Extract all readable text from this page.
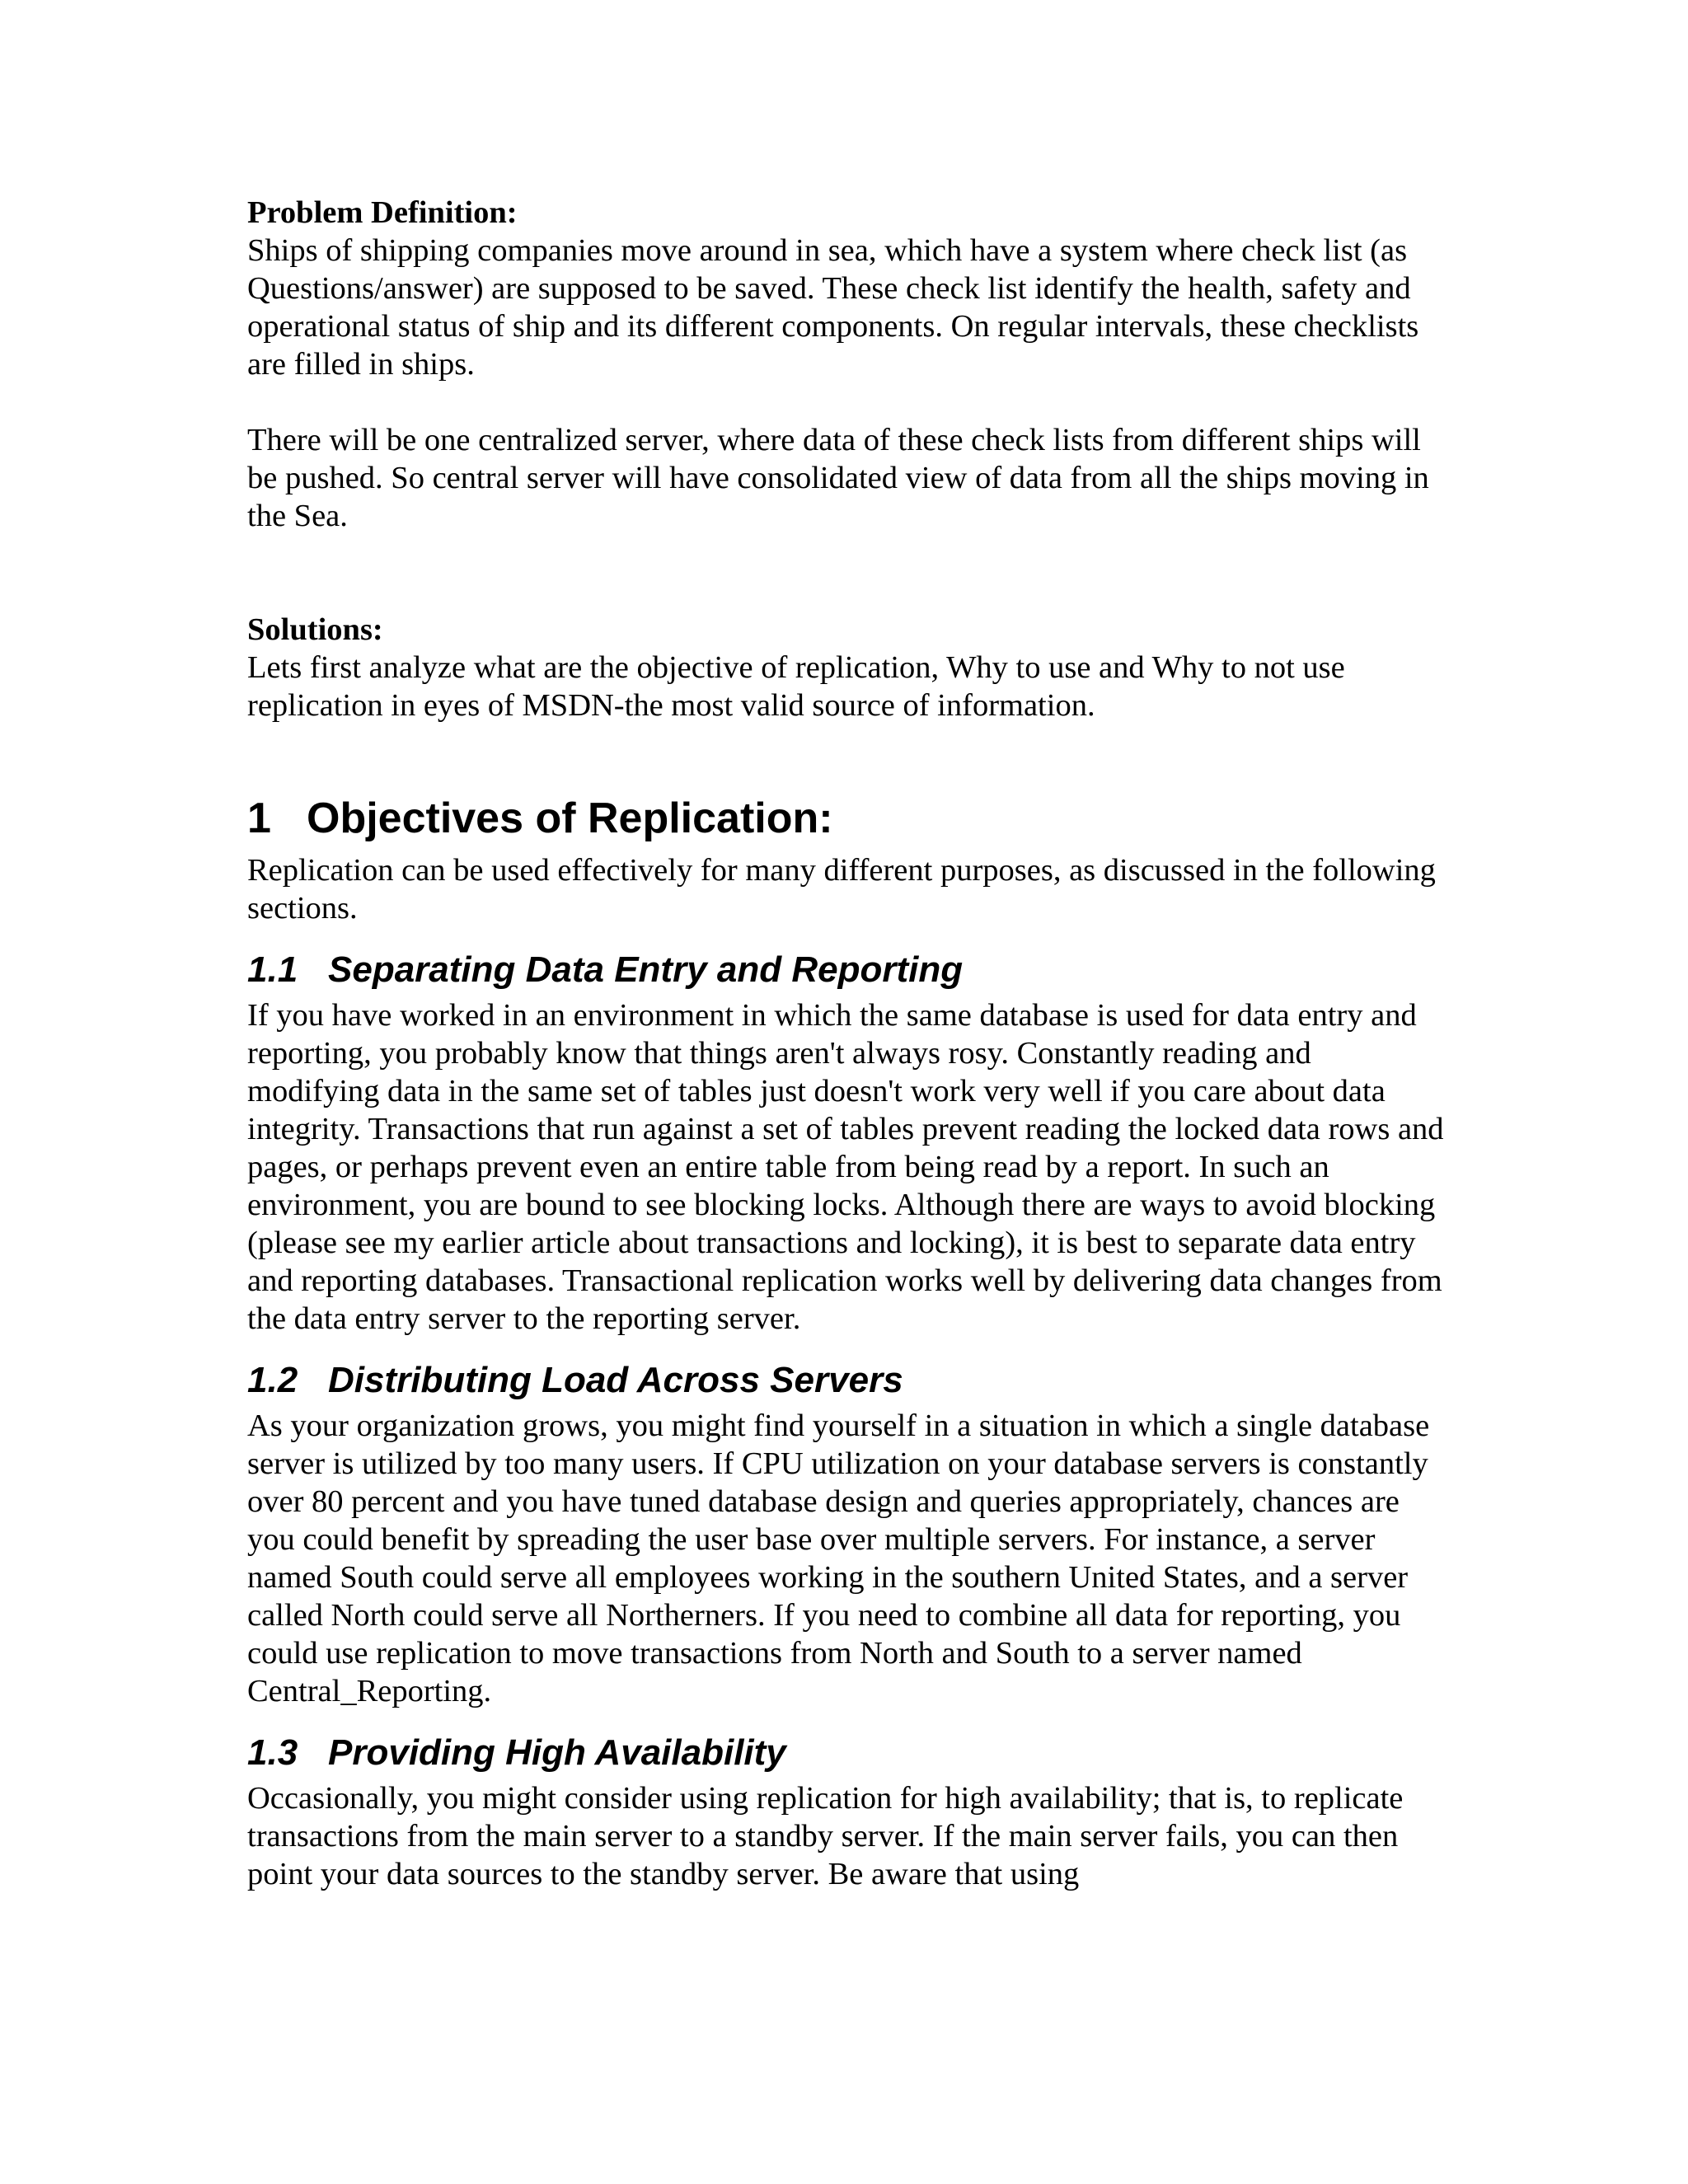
Problem Definition:

Ships of shipping companies move around in sea, which have a system where check list (as Questions/answer) are supposed to be saved. These check list identify the health, safety and operational status of ship and its different components. On regular intervals, these checklists are filled in ships.

There will be one centralized server, where data of these check lists from different ships will be pushed. So central server will have consolidated view of data from all the ships moving in the Sea.

Solutions:

Lets first analyze what are the objective of replication, Why to use and Why to not use replication in eyes of MSDN-the most valid source of information.

1 Objectives of Replication:

Replication can be used effectively for many different purposes, as discussed in the following sections.

1.1 Separating Data Entry and Reporting

If you have worked in an environment in which the same database is used for data entry and reporting, you probably know that things aren't always rosy. Constantly reading and modifying data in the same set of tables just doesn't work very well if you care about data integrity. Transactions that run against a set of tables prevent reading the locked data rows and pages, or perhaps prevent even an entire table from being read by a report. In such an environment, you are bound to see blocking locks. Although there are ways to avoid blocking (please see my earlier article about transactions and locking), it is best to separate data entry and reporting databases. Transactional replication works well by delivering data changes from the data entry server to the reporting server.

1.2 Distributing Load Across Servers

As your organization grows, you might find yourself in a situation in which a single database server is utilized by too many users. If CPU utilization on your database servers is constantly over 80 percent and you have tuned database design and queries appropriately, chances are you could benefit by spreading the user base over multiple servers. For instance, a server named South could serve all employees working in the southern United States, and a server called North could serve all Northerners. If you need to combine all data for reporting, you could use replication to move transactions from North and South to a server named Central_Reporting.

1.3 Providing High Availability

Occasionally, you might consider using replication for high availability; that is, to replicate transactions from the main server to a standby server. If the main server fails, you can then point your data sources to the standby server. Be aware that using
